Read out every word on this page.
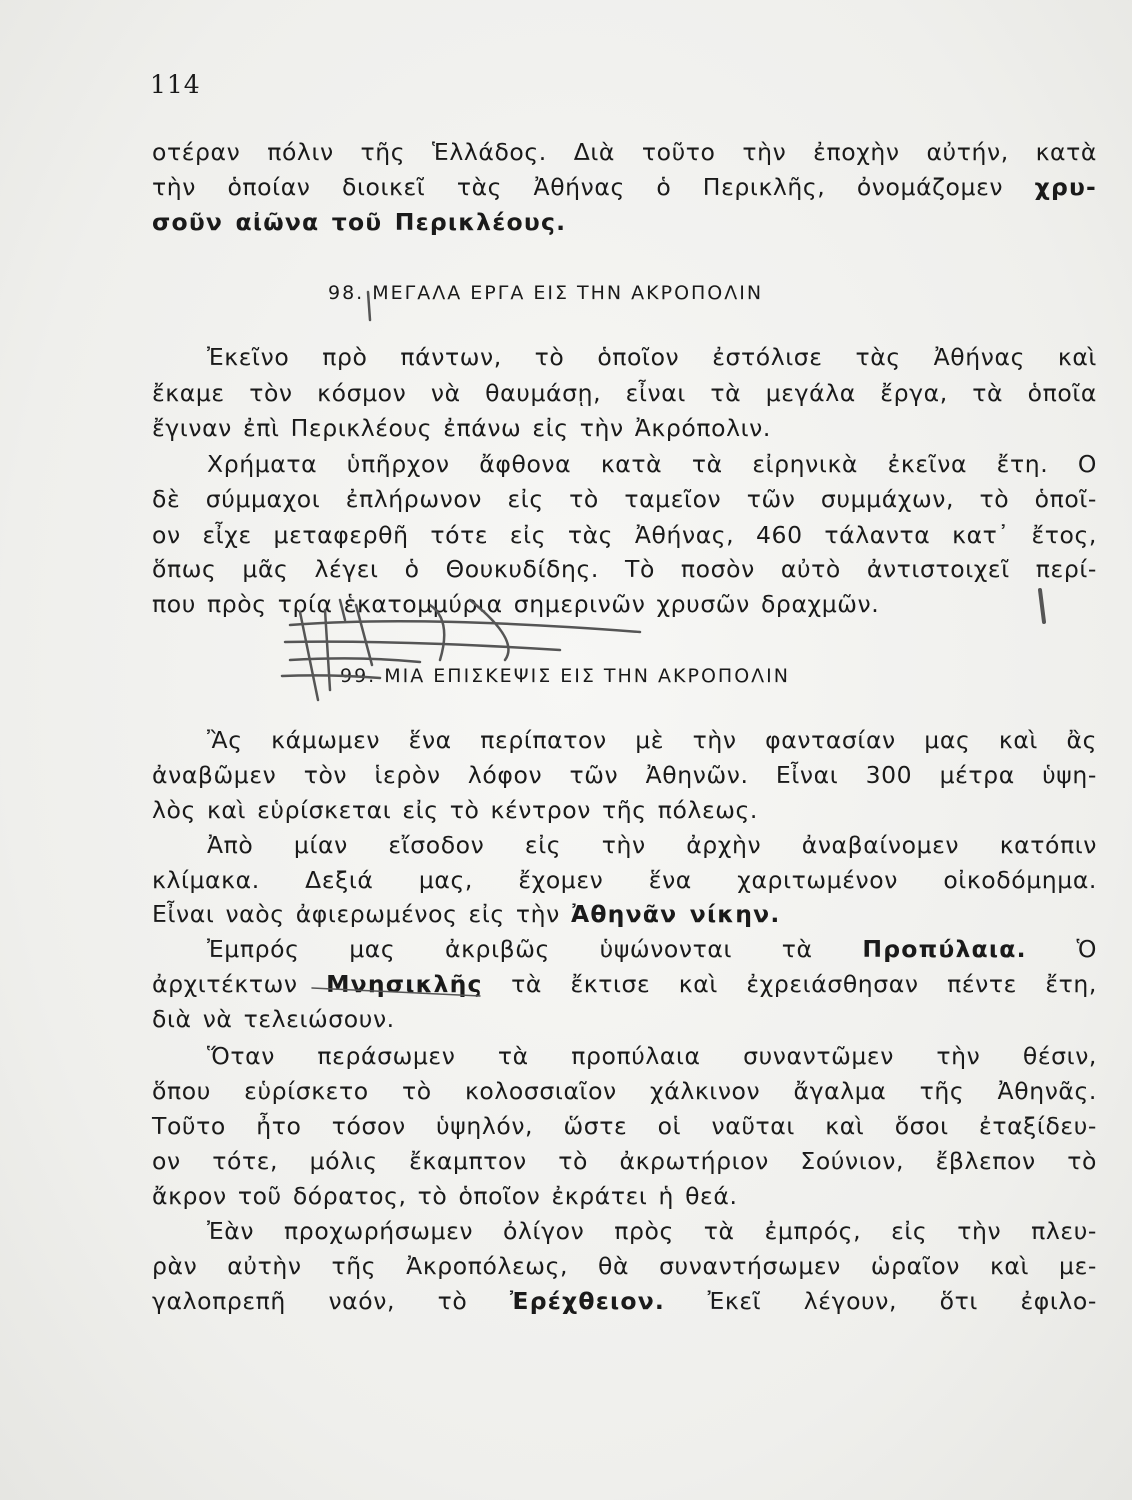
114
οτέραν πόλιν τῆς Ἑλλάδος. Διὰ τοῦτο τὴν ἐποχὴν αὐτήν, κατὰ
τὴν ὁποίαν διοικεῖ τὰς Ἀθήνας ὁ Περικλῆς, ὀνομάζομεν χρυ-
σοῦν αἰῶνα τοῦ Περικλέους.
98. ΜΕΓΑΛΑ ΕΡΓΑ ΕΙΣ ΤΗΝ ΑΚΡΟΠΟΛΙΝ
Ἐκεῖνο πρὸ πάντων, τὸ ὁποῖον ἐστόλισε τὰς Ἀθήνας καὶ
ἔκαμε τὸν κόσμον νὰ θαυμάσῃ, εἶναι τὰ μεγάλα ἔργα, τὰ ὁποῖα
ἔγιναν ἐπὶ Περικλέους ἐπάνω εἰς τὴν Ἀκρόπολιν.
Χρήματα ὑπῆρχον ἄφθονα κατὰ τὰ εἰρηνικὰ ἐκεῖνα ἔτη. Ο
δὲ σύμμαχοι ἐπλήρωνον εἰς τὸ ταμεῖον τῶν συμμάχων, τὸ ὁποῖ-
ον εἶχε μεταφερθῆ τότε εἰς τὰς Ἀθήνας, 460 τάλαντα κατ᾽ ἔτος,
ὅπως μᾶς λέγει ὁ Θουκυδίδης. Τὸ ποσὸν αὐτὸ ἀντιστοιχεῖ περί-
που πρὸς τρία ἑκατομμύρια σημερινῶν χρυσῶν δραχμῶν.
99. ΜΙΑ ΕΠΙΣΚΕΨΙΣ ΕΙΣ ΤΗΝ ΑΚΡΟΠΟΛΙΝ
Ἂς κάμωμεν ἕνα περίπατον μὲ τὴν φαντασίαν μας καὶ ἂς
ἀναβῶμεν τὸν ἱερὸν λόφον τῶν Ἀθηνῶν. Εἶναι 300 μέτρα ὑψη-
λὸς καὶ εὑρίσκεται εἰς τὸ κέντρον τῆς πόλεως.
Ἀπὸ μίαν εἴσοδον εἰς τὴν ἀρχὴν ἀναβαίνομεν κατόπιν
κλίμακα. Δεξιά μας, ἔχομεν ἕνα χαριτωμένον οἰκοδόμημα.
Εἶναι ναὸς ἀφιερωμένος εἰς τὴν Ἀθηνᾶν νίκην.
Ἐμπρός μας ἀκριβῶς ὑψώνονται τὰ Προπύλαια. Ὁ
ἀρχιτέκτων Μνησικλῆς τὰ ἔκτισε καὶ ἐχρειάσθησαν πέντε ἔτη,
διὰ νὰ τελειώσουν.
Ὅταν περάσωμεν τὰ προπύλαια συναντῶμεν τὴν θέσιν,
ὅπου εὑρίσκετο τὸ κολοσσιαῖον χάλκινον ἄγαλμα τῆς Ἀθηνᾶς.
Τοῦτο ἦτο τόσον ὑψηλόν, ὥστε οἱ ναῦται καὶ ὅσοι ἐταξίδευ-
ον τότε, μόλις ἔκαμπτον τὸ ἀκρωτήριον Σούνιον, ἔβλεπον τὸ
ἄκρον τοῦ δόρατος, τὸ ὁποῖον ἐκράτει ἡ θεά.
Ἐὰν προχωρήσωμεν ὀλίγον πρὸς τὰ ἐμπρός, εἰς τὴν πλευ-
ρὰν αὐτὴν τῆς Ἀκροπόλεως, θὰ συναντήσωμεν ὡραῖον καὶ με-
γαλοπρεπῆ ναόν, τὸ Ἐρέχθειον. Ἐκεῖ λέγουν, ὅτι ἐφιλο-
